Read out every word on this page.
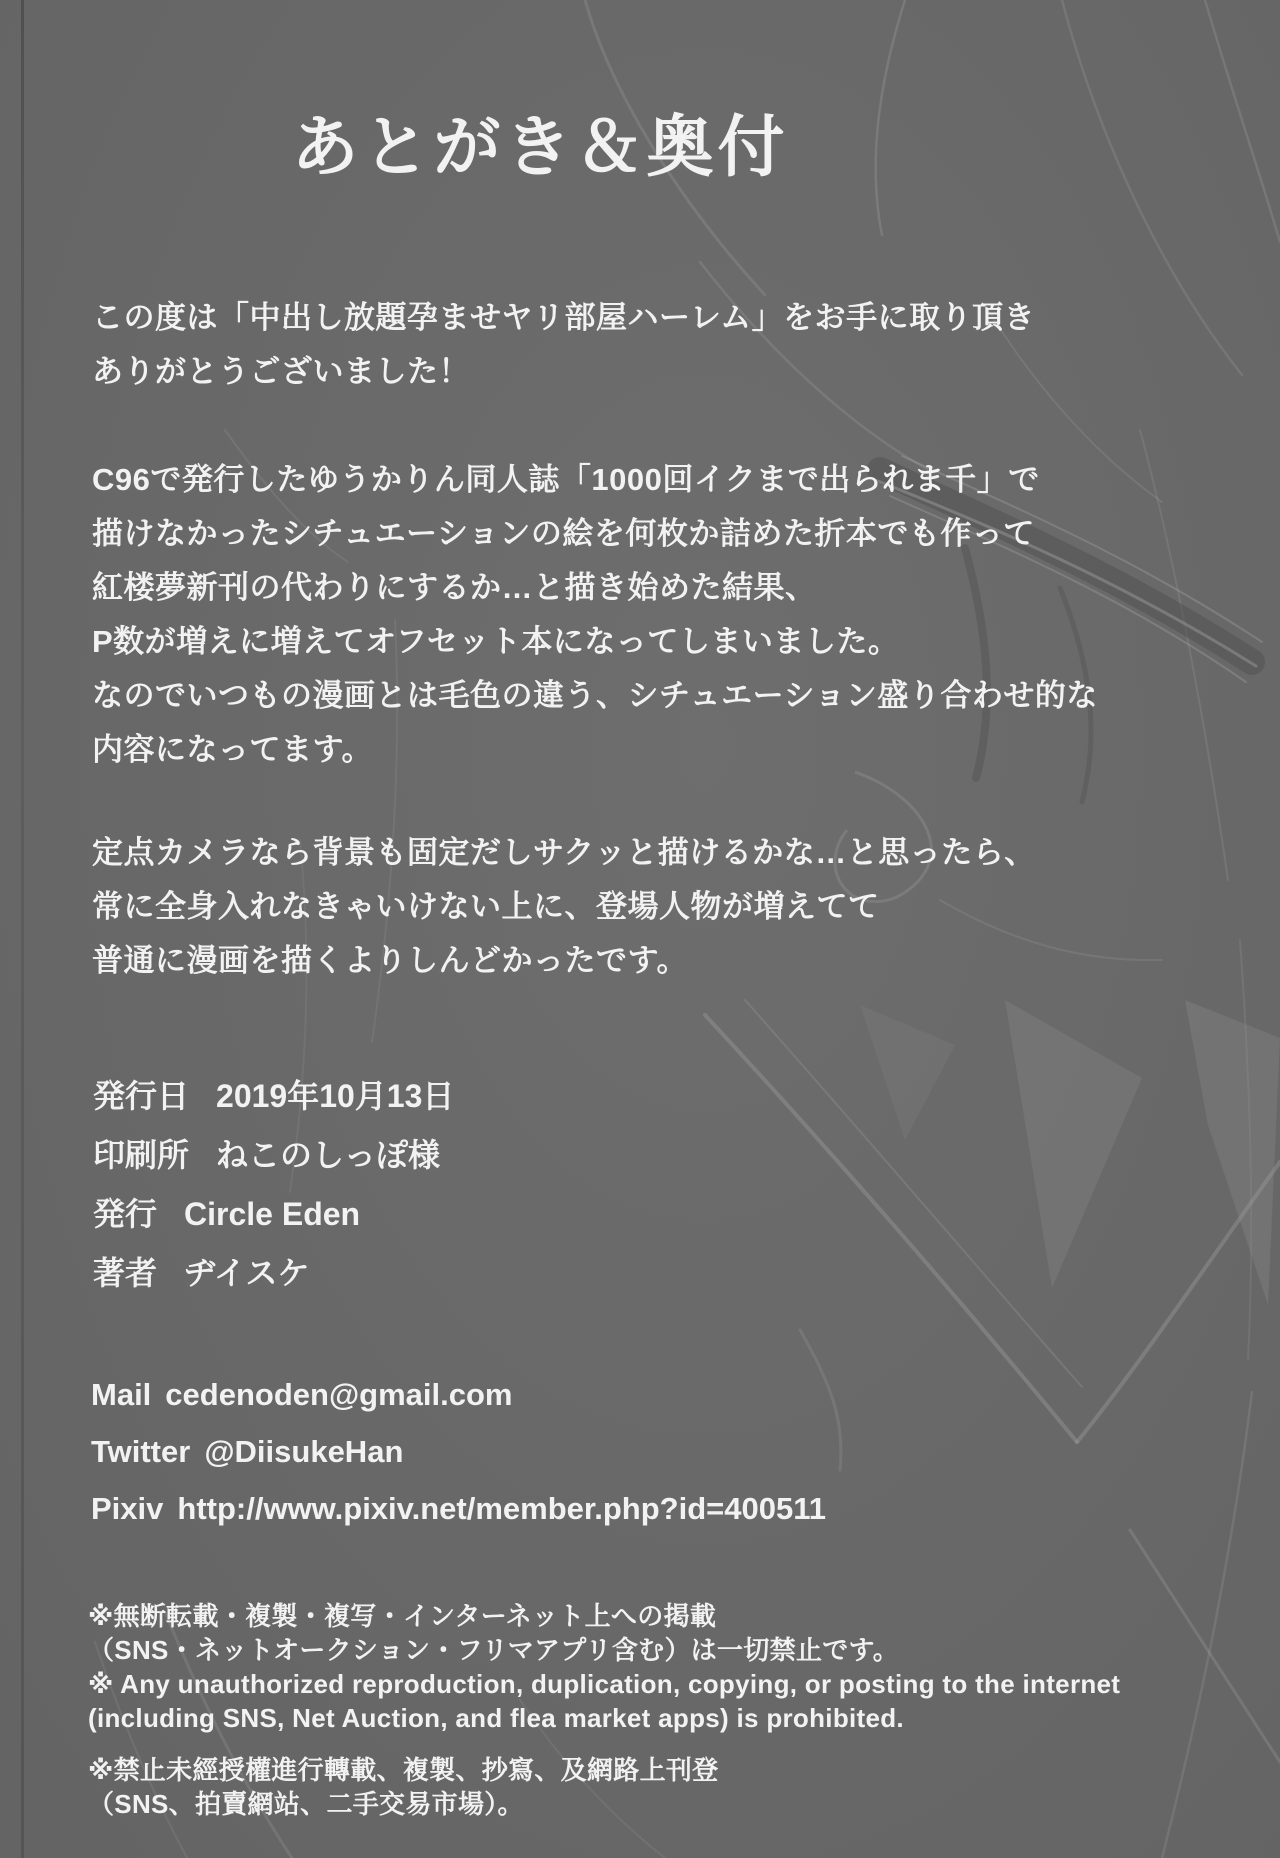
あとがき＆奥付
この度は「中出し放題孕ませヤリ部屋ハーレム」をお手に取り頂き
ありがとうございました！
C96で発行したゆうかりん同人誌「1000回イクまで出られま千」で
描けなかったシチュエーションの絵を何枚か詰めた折本でも作って
紅楼夢新刊の代わりにするか…と描き始めた結果、
P数が増えに増えてオフセット本になってしまいました。
なのでいつもの漫画とは毛色の違う、シチュエーション盛り合わせ的な
内容になってます。
定点カメラなら背景も固定だしサクッと描けるかな…と思ったら、
常に全身入れなきゃいけない上に、登場人物が増えてて
普通に漫画を描くよりしんどかったです。
発行日 2019年10月13日
印刷所 ねこのしっぽ様
発行 Circle Eden
著者 ヂイスケ
Mail cedenoden@gmail.com
Twitter @DiisukeHan
Pixiv http://www.pixiv.net/member.php?id=400511
※無断転載・複製・複写・インターネット上への掲載
（SNS・ネットオークション・フリマアプリ含む）は一切禁止です。
※ Any unauthorized reproduction, duplication, copying, or posting to the internet
(including SNS, Net Auction, and flea market apps) is prohibited.
※禁止未經授權進行轉載、複製、抄寫、及網路上刊登
（SNS、拍賣網站、二手交易市場）。
